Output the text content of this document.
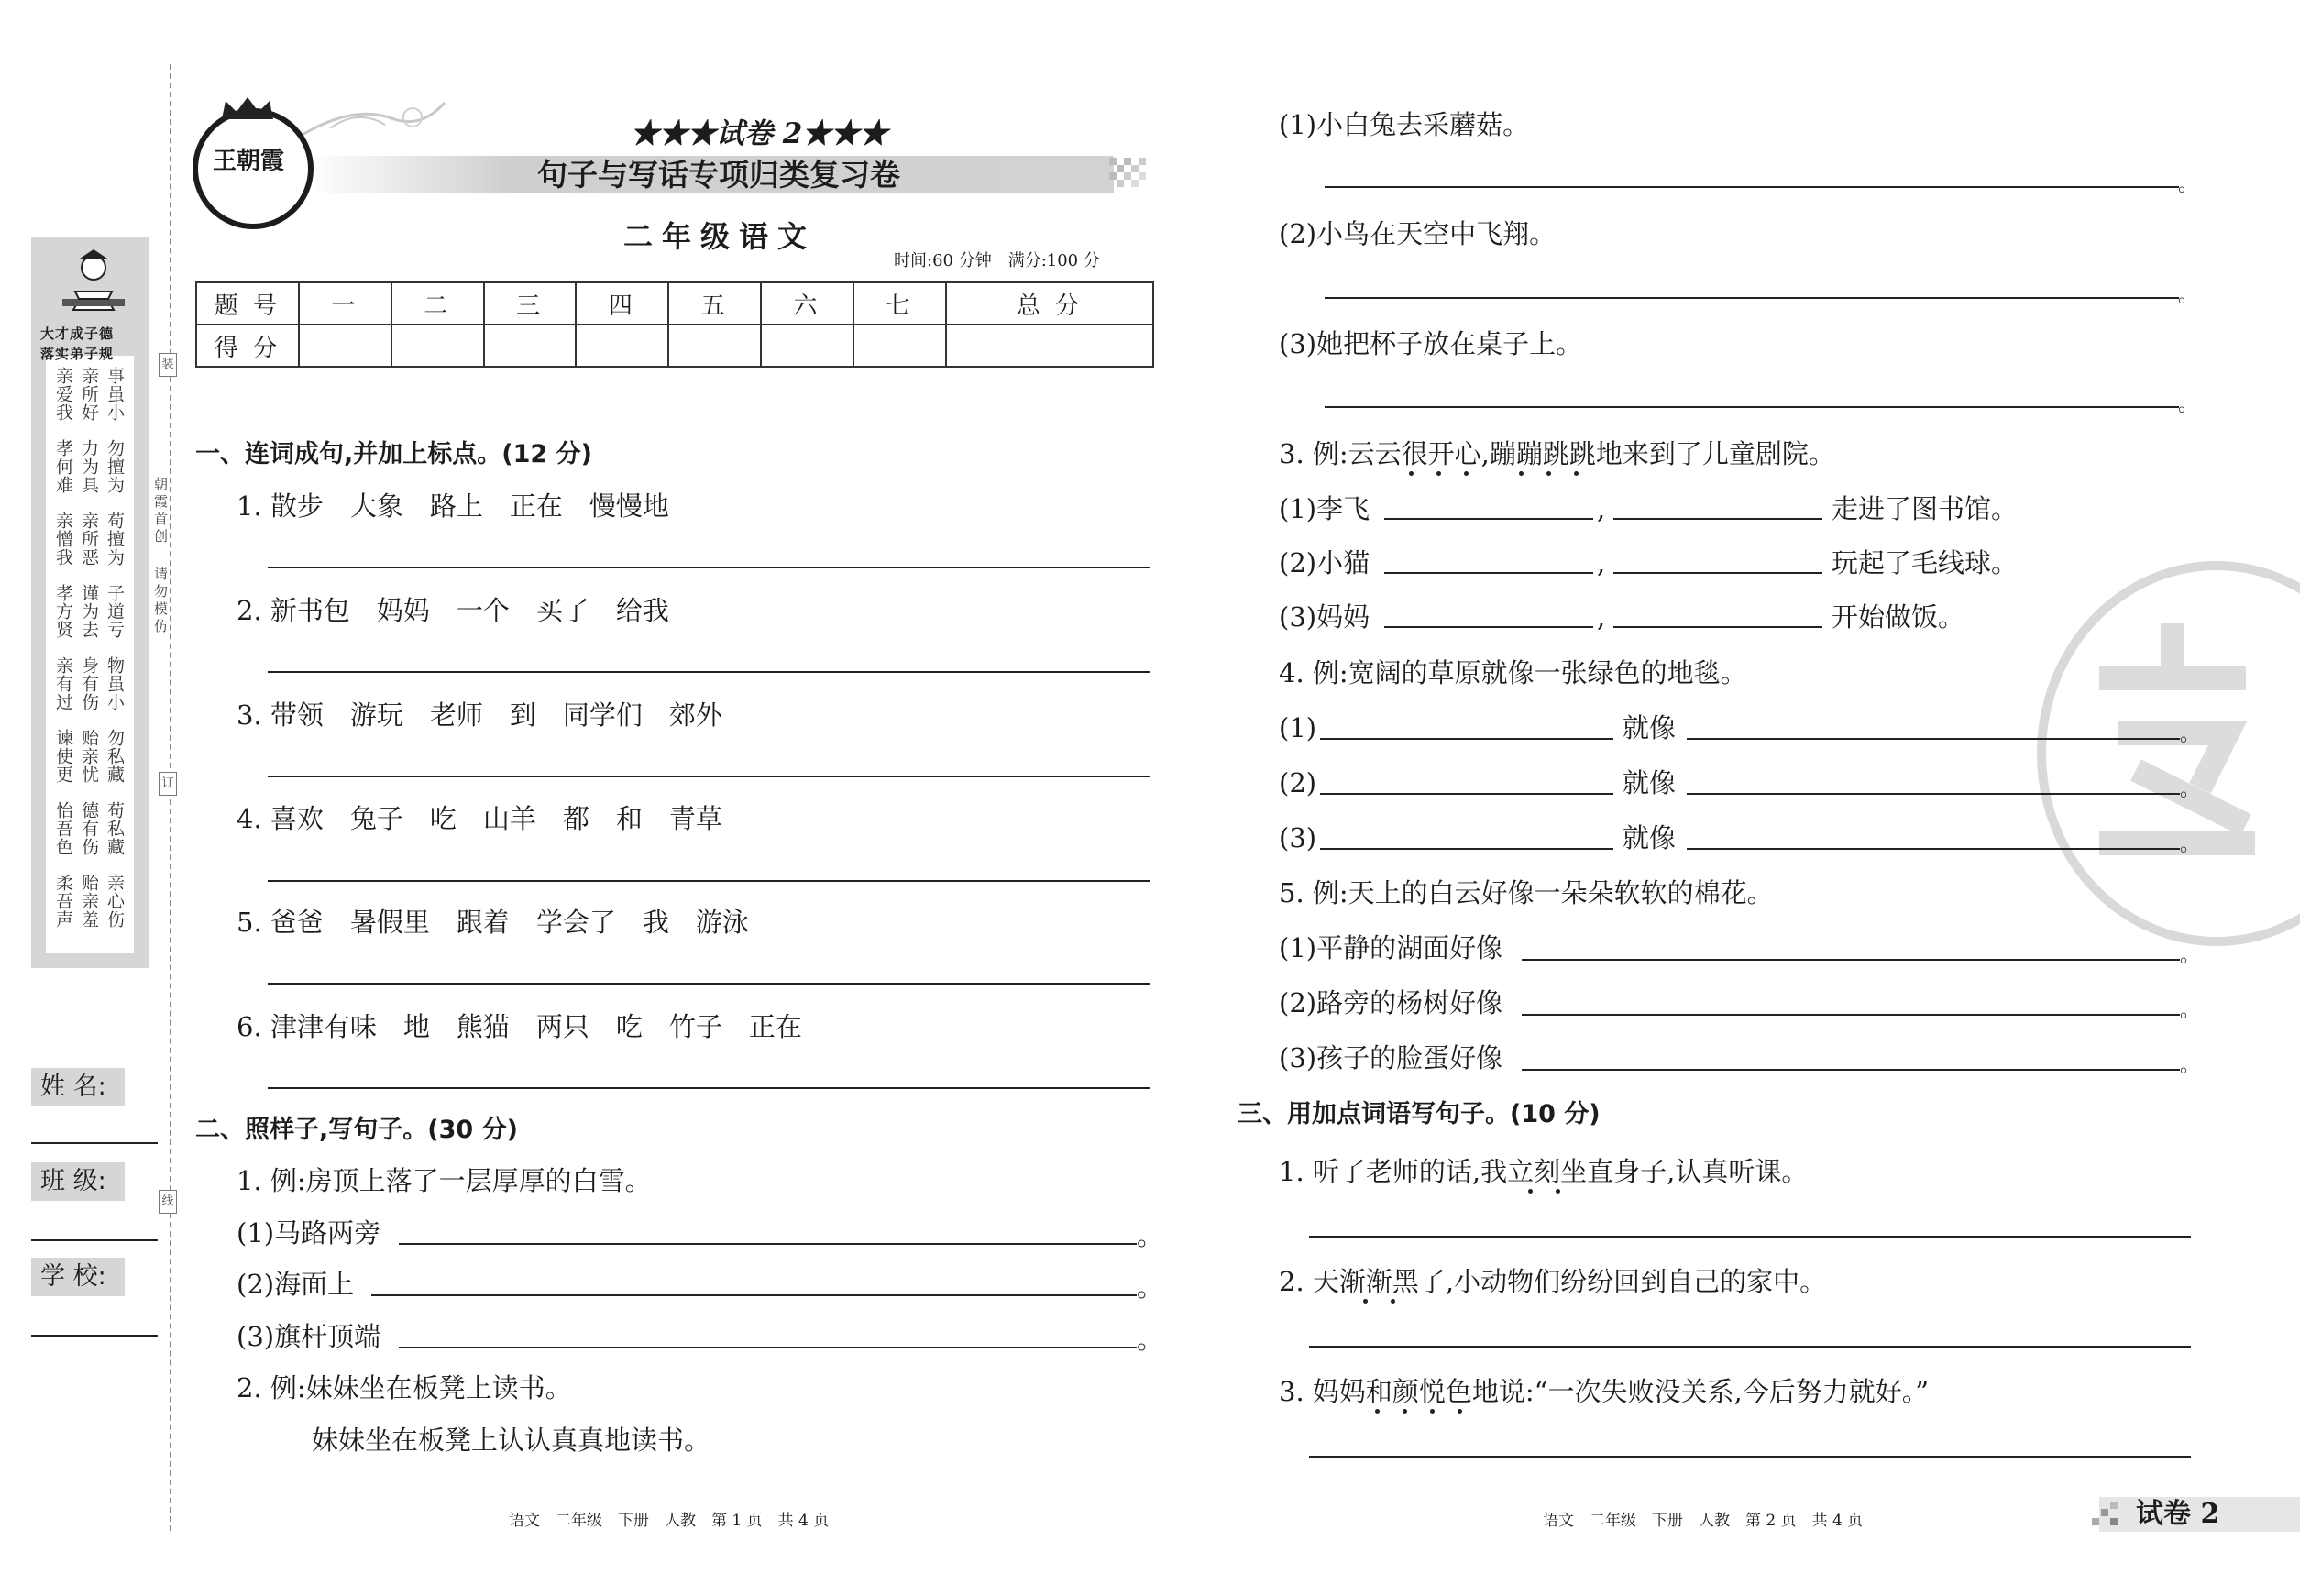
大才成子德
落实弟子规
亲爱我 亲所好 事虽小
孝何难 力为具 勿擅为
亲憎我 亲所恶 苟擅为
孝方贤 谨为去 子道亏
亲有过 身有伤 物虽小
谏使更 贻亲忧 勿私藏
怡吾色 德有伤 苟私藏
柔吾声 贻亲羞 亲心伤
朝霞首创
请勿模仿
装
订
线
姓 名:
班 级:
学 校:
王朝霞
★★★试卷 2★★★
句子与写话专项归类复习卷
二年级语文
时间:60 分钟　满分:100 分
题 号	一	二	三	四	五	六	七	总 分
得 分								
一、连词成句,并加上标点。(12 分)
1. 散步　大象　路上　正在　慢慢地
2. 新书包　妈妈　一个　买了　给我
3. 带领　游玩　老师　到　同学们　郊外
4. 喜欢　兔子　吃　山羊　都　和　青草
5. 爸爸　暑假里　跟着　学会了　我　游泳
6. 津津有味　地　熊猫　两只　吃　竹子　正在
二、照样子,写句子。(30 分)
1. 例:房顶上落了一层厚厚的白雪。
(1)马路两旁	。
(2)海面上	。
(3)旗杆顶端	。
2. 例:妹妹坐在板凳上读书。
妹妹坐在板凳上认认真真地读书。
语文　二年级　下册　人教　第 1 页　共 4 页
(1)小白兔去采蘑菇。
。
(2)小鸟在天空中飞翔。
。
(3)她把杯子放在桌子上。
。
3. 例:云云很开心,蹦蹦跳跳地来到了儿童剧院。
(1)李飞	,	走进了图书馆。
(2)小猫	,	玩起了毛线球。
(3)妈妈	,	开始做饭。
4. 例:宽阔的草原就像一张绿色的地毯。
(1)	就像	。
(2)	就像	。
(3)	就像	。
5. 例:天上的白云好像一朵朵软软的棉花。
(1)平静的湖面好像	。
(2)路旁的杨树好像	。
(3)孩子的脸蛋好像	。
三、用加点词语写句子。(10 分)
1. 听了老师的话,我立刻坐直身子,认真听课。
2. 天渐渐黑了,小动物们纷纷回到自己的家中。
3. 妈妈和颜悦色地说:“一次失败没关系,今后努力就好。”
语文　二年级　下册　人教　第 2 页　共 4 页	试卷 2
